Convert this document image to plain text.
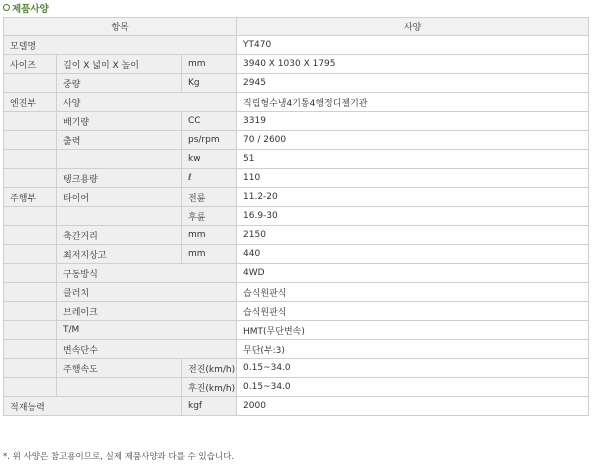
제품사양
항목			사양
모델명			YT470
사이즈	길이 X 넓이 X 높이	mm	3940 X 1030 X 1795
	중량	Kg	2945
엔진부	사양		직립형수냉4기통4행정디젤기관
	배기량	CC	3319
	출력	ps/rpm	70 / 2600
		kw	51
	탱크용량	ℓ	110
주행부	타이어	전륜	11.2-20
		후륜	16.9-30
	축간거리	mm	2150
	최저지상고	mm	440
	구동방식		4WD
	클러치		습식원판식
	브레이크		습식원판식
	T/M		HMT(무단변속)
	변속단수		무단(부:3)
	주행속도	전진(km/h)	0.15~34.0
		후진(km/h)	0.15~34.0
적재능력		kgf	2000
*. 위 사양은 참고용이므로, 실제 제품사양과 다를 수 있습니다.
